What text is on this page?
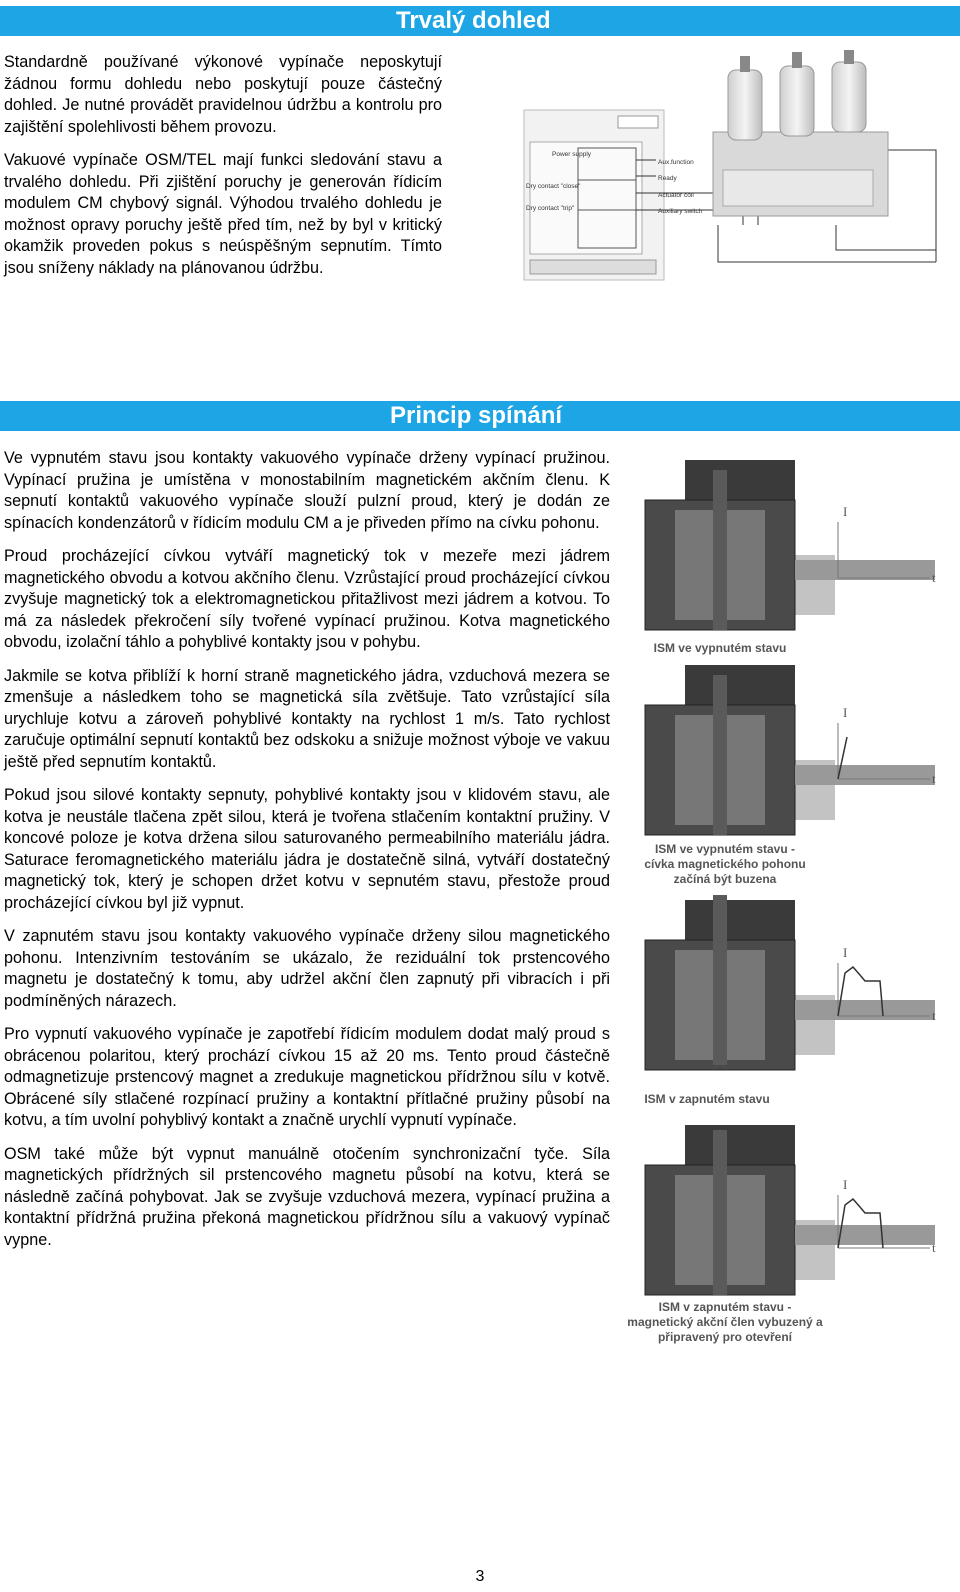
Trvalý dohled

Standardně používané výkonové vypínače neposkytují žádnou formu dohledu nebo poskytují pouze částečný dohled. Je nutné provádět pravidelnou údržbu a kontrolu pro zajištění spolehlivosti během provozu.

Vakuové vypínače OSM/TEL mají funkci sledování stavu a trvalého dohledu. Při zjištění poruchy je generován řídicím modulem CM chybový signál. Výhodou trvalého dohledu je možnost opravy poruchy ještě před tím, než by byl v kritický okamžik proveden pokus s neúspěšným sepnutím. Tímto jsou sníženy náklady na plánovanou údržbu.

Power supply
Dry contact "close"
Dry contact "trip"
Aux.function
Ready
Actuator coil
Auxiliary switch
Princip spínání

Ve vypnutém stavu jsou kontakty vakuového vypínače drženy vypínací pružinou. Vypínací pružina je umístěna v monostabilním magnetickém akčním členu. K sepnutí kontaktů vakuového vypínače slouží pulzní proud, který je dodán ze spínacích kondenzátorů v řídicím modulu CM a je přiveden přímo na cívku pohonu.

Proud procházející cívkou vytváří magnetický tok v mezeře mezi jádrem magnetického obvodu a kotvou akčního členu. Vzrůstající proud procházející cívkou zvyšuje magnetický tok a elektromagnetickou přitažlivost mezi jádrem a kotvou. To má za následek překročení síly tvořené vypínací pružinou. Kotva magnetického obvodu, izolační táhlo a pohyblivé kontakty jsou v pohybu.

Jakmile se kotva přiblíží k horní straně magnetického jádra, vzduchová mezera se zmenšuje a následkem toho se magnetická síla zvětšuje. Tato vzrůstající síla urychluje kotvu a zároveň pohyblivé kontakty na rychlost 1 m/s. Tato rychlost zaručuje optimální sepnutí kontaktů bez odskoku a snižuje možnost výboje ve vakuu ještě před sepnutím kontaktů.

Pokud jsou silové kontakty sepnuty, pohyblivé kontakty jsou v klidovém stavu, ale kotva je neustále tlačena zpět silou, která je tvořena stlačením kontaktní pružiny. V koncové poloze je kotva držena silou saturovaného permeabilního materiálu jádra. Saturace feromagnetického materiálu jádra je dostatečně silná, vytváří dostatečný magnetický tok, který je schopen držet kotvu v sepnutém stavu, přestože proud procházející cívkou byl již vypnut.

V zapnutém stavu jsou kontakty vakuového vypínače drženy silou magnetického pohonu. Intenzivním testováním se ukázalo, že reziduální tok prstencového magnetu je dostatečný k tomu, aby udržel akční člen zapnutý při vibracích i při podmíněných nárazech.

Pro vypnutí vakuového vypínače je zapotřebí řídicím modulem dodat malý proud s obrácenou polaritou, který prochází cívkou 15 až 20 ms. Tento proud částečně odmagnetizuje prstencový magnet a zredukuje magnetickou přídržnou sílu v kotvě. Obrácené síly stlačené rozpínací pružiny a kontaktní přítlačné pružiny působí na kotvu, a tím uvolní pohyblivý kontakt a značně urychlí vypnutí vypínače.

OSM také může být vypnut manuálně otočením synchronizační tyče. Síla magnetických přídržných sil prstencového magnetu působí na kotvu, která se následně začíná pohybovat. Jak se zvyšuje vzduchová mezera, vypínací pružina a kontaktní přídržná pružina překoná magnetickou přídržnou sílu a vakuový vypínač vypne.

I
t
ISM ve vypnutém stavu
I
t
ISM ve vypnutém stavu -
cívka magnetického pohonu
začíná být buzena
I
t
ISM v zapnutém stavu
I
t
ISM v zapnutém stavu -
magnetický akční člen vybuzený a
připravený pro otevření
3
